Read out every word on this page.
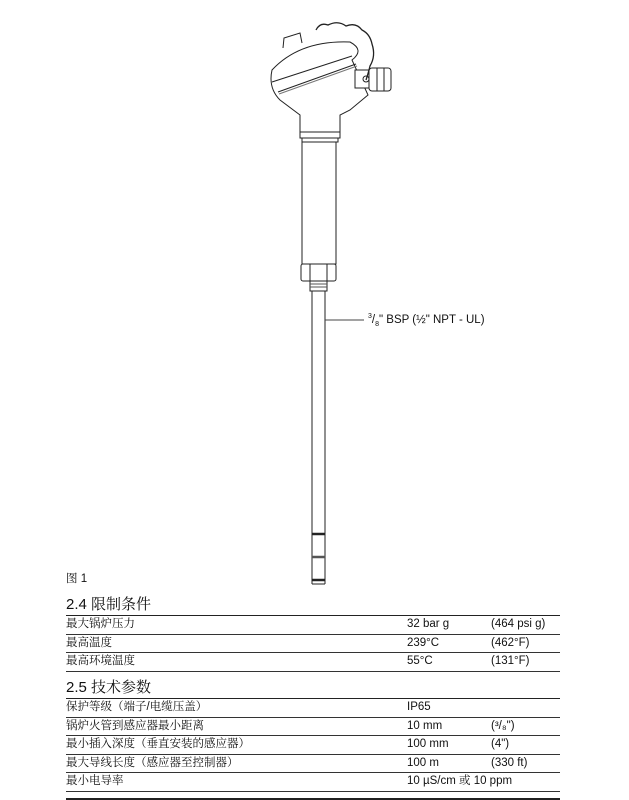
$^3/_8$" BSP (½" NPT - UL)
图 1
2.4 限制条件
最大锅炉压力	32 bar g	(464 psi g)
最高温度	239°C	(462°F)
最高环境温度	55°C	(131°F)
2.5 技术参数
保护等级（端子/电缆压盖）	IP65
锅炉火管到感应器最小距离	10 mm	(³/₈")
最小插入深度（垂直安装的感应器）	100 mm	(4")
最大导线长度（感应器至控制器）	100 m	(330 ft)
最小电导率	10 µS/cm 或 10 ppm
